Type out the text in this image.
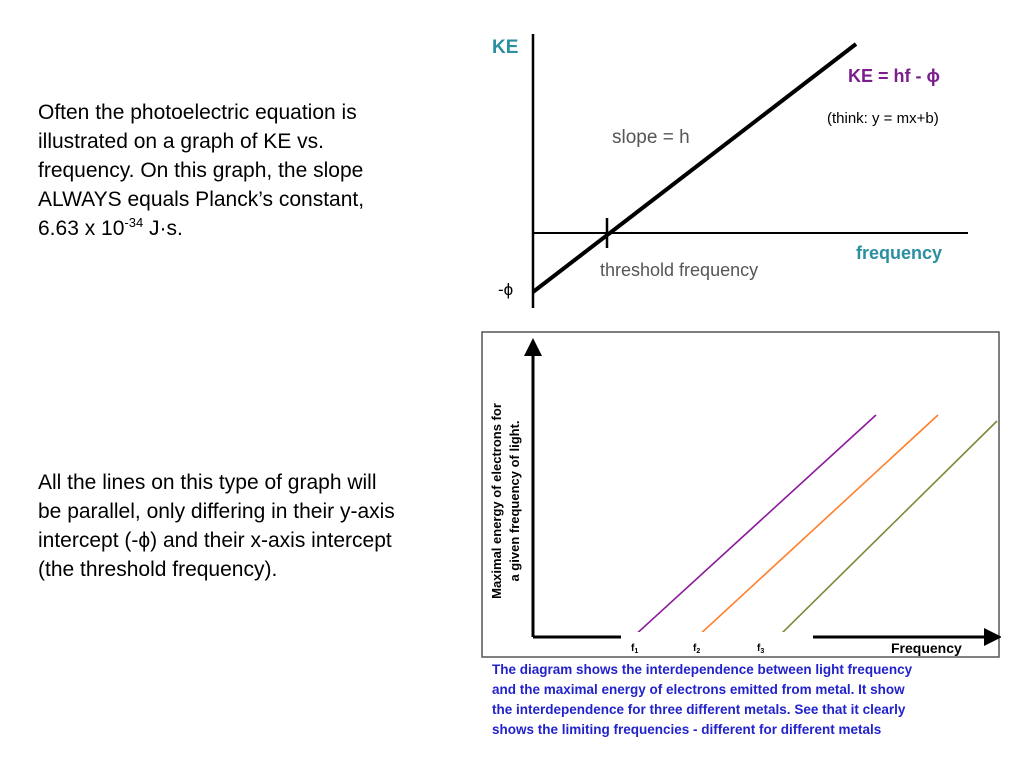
Often the photoelectric equation is
illustrated on a graph of KE vs.
frequency. On this graph, the slope
ALWAYS equals Planck’s constant,
6.63 x $10^{-34}$ J·s.

All the lines on this type of graph will
be parallel, only differing in their y-axis
intercept (-ϕ) and their x-axis intercept
(the threshold frequency).

KE
frequency
KE = hf - ϕ
(think: y = mx+b)
slope = h
threshold frequency
-ϕ
$f_1$	$f_2$	$f_3$	Frequency
Maximal energy of electrons for a given frequency of light.

The diagram shows the interdependence between light frequency
and the maximal energy of electrons emitted from metal. It show
the interdependence for three different metals. See that it clearly
shows the limiting frequencies - different for different metals
